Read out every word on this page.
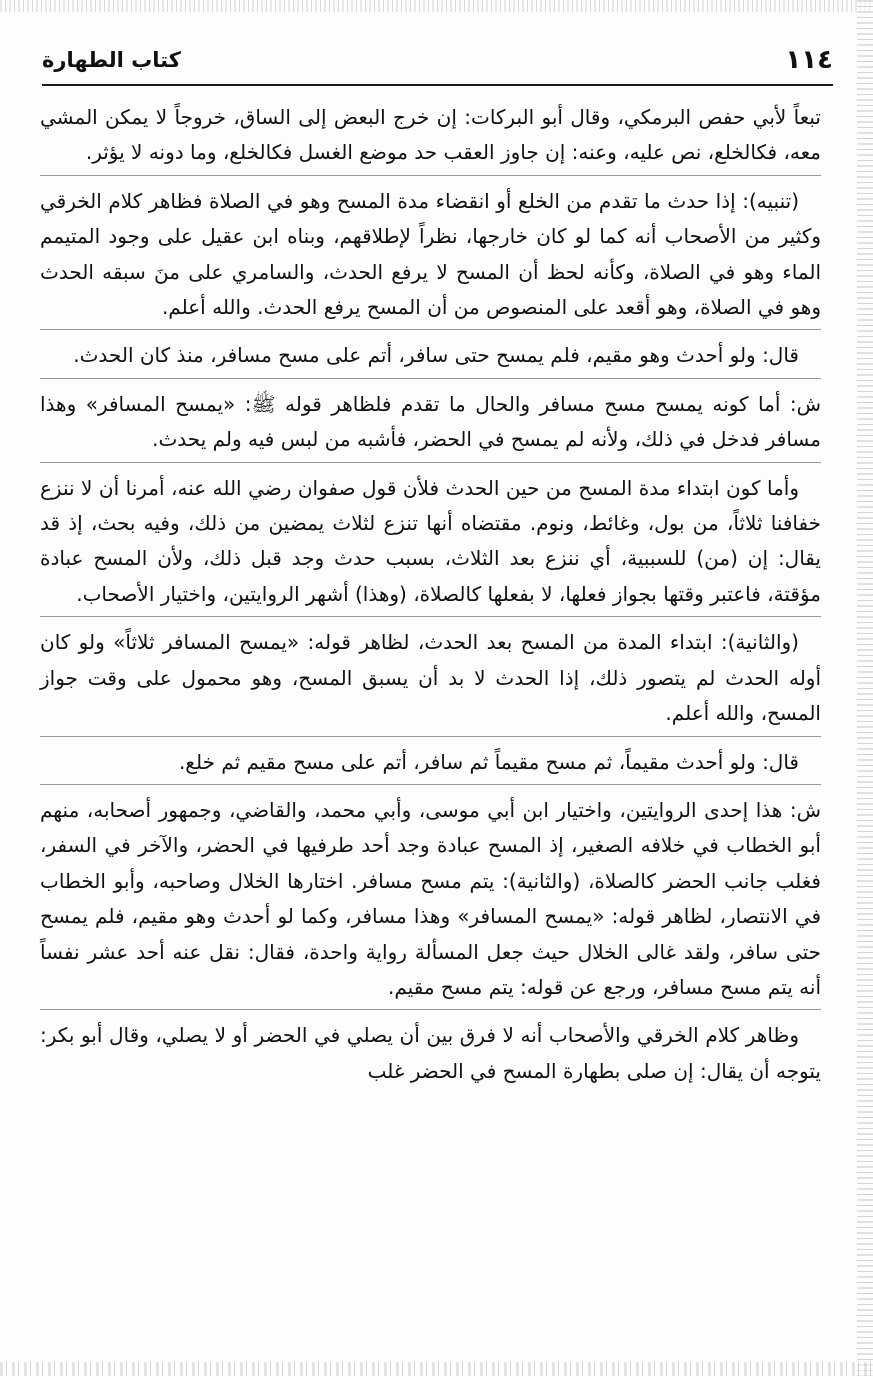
١١٤
كتاب الطهارة

تبعاً لأبي حفص البرمكي، وقال أبو البركات: إن خرج البعض إلى الساق، خروجاً لا يمكن المشي معه، فكالخلع، نص عليه، وعنه: إن جاوز العقب حد موضع الغسل فكالخلع، وما دونه لا يؤثر.

(تنبيه): إذا حدث ما تقدم من الخلع أو انقضاء مدة المسح وهو في الصلاة فظاهر كلام الخرقي وكثير من الأصحاب أنه كما لو كان خارجها، نظراً لإطلاقهم، وبناه ابن عقيل على وجود المتيمم الماء وهو في الصلاة، وكأنه لحظ أن المسح لا يرفع الحدث، والسامري على منَ سبقه الحدث وهو في الصلاة، وهو أقعد على المنصوص من أن المسح يرفع الحدث. والله أعلم.

قال: ولو أحدث وهو مقيم، فلم يمسح حتى سافر، أتم على مسح مسافر، منذ كان الحدث.

ش: أما كونه يمسح مسح مسافر والحال ما تقدم فلظاهر قوله ﷺ: «يمسح المسافر» وهذا مسافر فدخل في ذلك، ولأنه لم يمسح في الحضر، فأشبه من لبس فيه ولم يحدث.

وأما كون ابتداء مدة المسح من حين الحدث فلأن قول صفوان رضي الله عنه، أمرنا أن لا ننزع خفافنا ثلاثاً، من بول، وغائط، ونوم. مقتضاه أنها تنزع لثلاث يمضين من ذلك، وفيه بحث، إذ قد يقال: إن (من) للسببية، أي ننزع بعد الثلاث، بسبب حدث وجد قبل ذلك، ولأن المسح عبادة مؤقتة، فاعتبر وقتها بجواز فعلها، لا بفعلها كالصلاة، (وهذا) أشهر الروايتين، واختيار الأصحاب.

(والثانية): ابتداء المدة من المسح بعد الحدث، لظاهر قوله: «يمسح المسافر ثلاثاً» ولو كان أوله الحدث لم يتصور ذلك، إذا الحدث لا بد أن يسبق المسح، وهو محمول على وقت جواز المسح، والله أعلم.

قال: ولو أحدث مقيماً، ثم مسح مقيماً ثم سافر، أتم على مسح مقيم ثم خلع.

ش: هذا إحدى الروايتين، واختيار ابن أبي موسى، وأبي محمد، والقاضي، وجمهور أصحابه، منهم أبو الخطاب في خلافه الصغير، إذ المسح عبادة وجد أحد طرفيها في الحضر، والآخر في السفر، فغلب جانب الحضر كالصلاة، (والثانية): يتم مسح مسافر. اختارها الخلال وصاحبه، وأبو الخطاب في الانتصار، لظاهر قوله: «يمسح المسافر» وهذا مسافر، وكما لو أحدث وهو مقيم، فلم يمسح حتى سافر، ولقد غالى الخلال حيث جعل المسألة رواية واحدة، فقال: نقل عنه أحد عشر نفساً أنه يتم مسح مسافر، ورجع عن قوله: يتم مسح مقيم.

وظاهر كلام الخرقي والأصحاب أنه لا فرق بين أن يصلي في الحضر أو لا يصلي، وقال أبو بكر: يتوجه أن يقال: إن صلى بطهارة المسح في الحضر غلب
